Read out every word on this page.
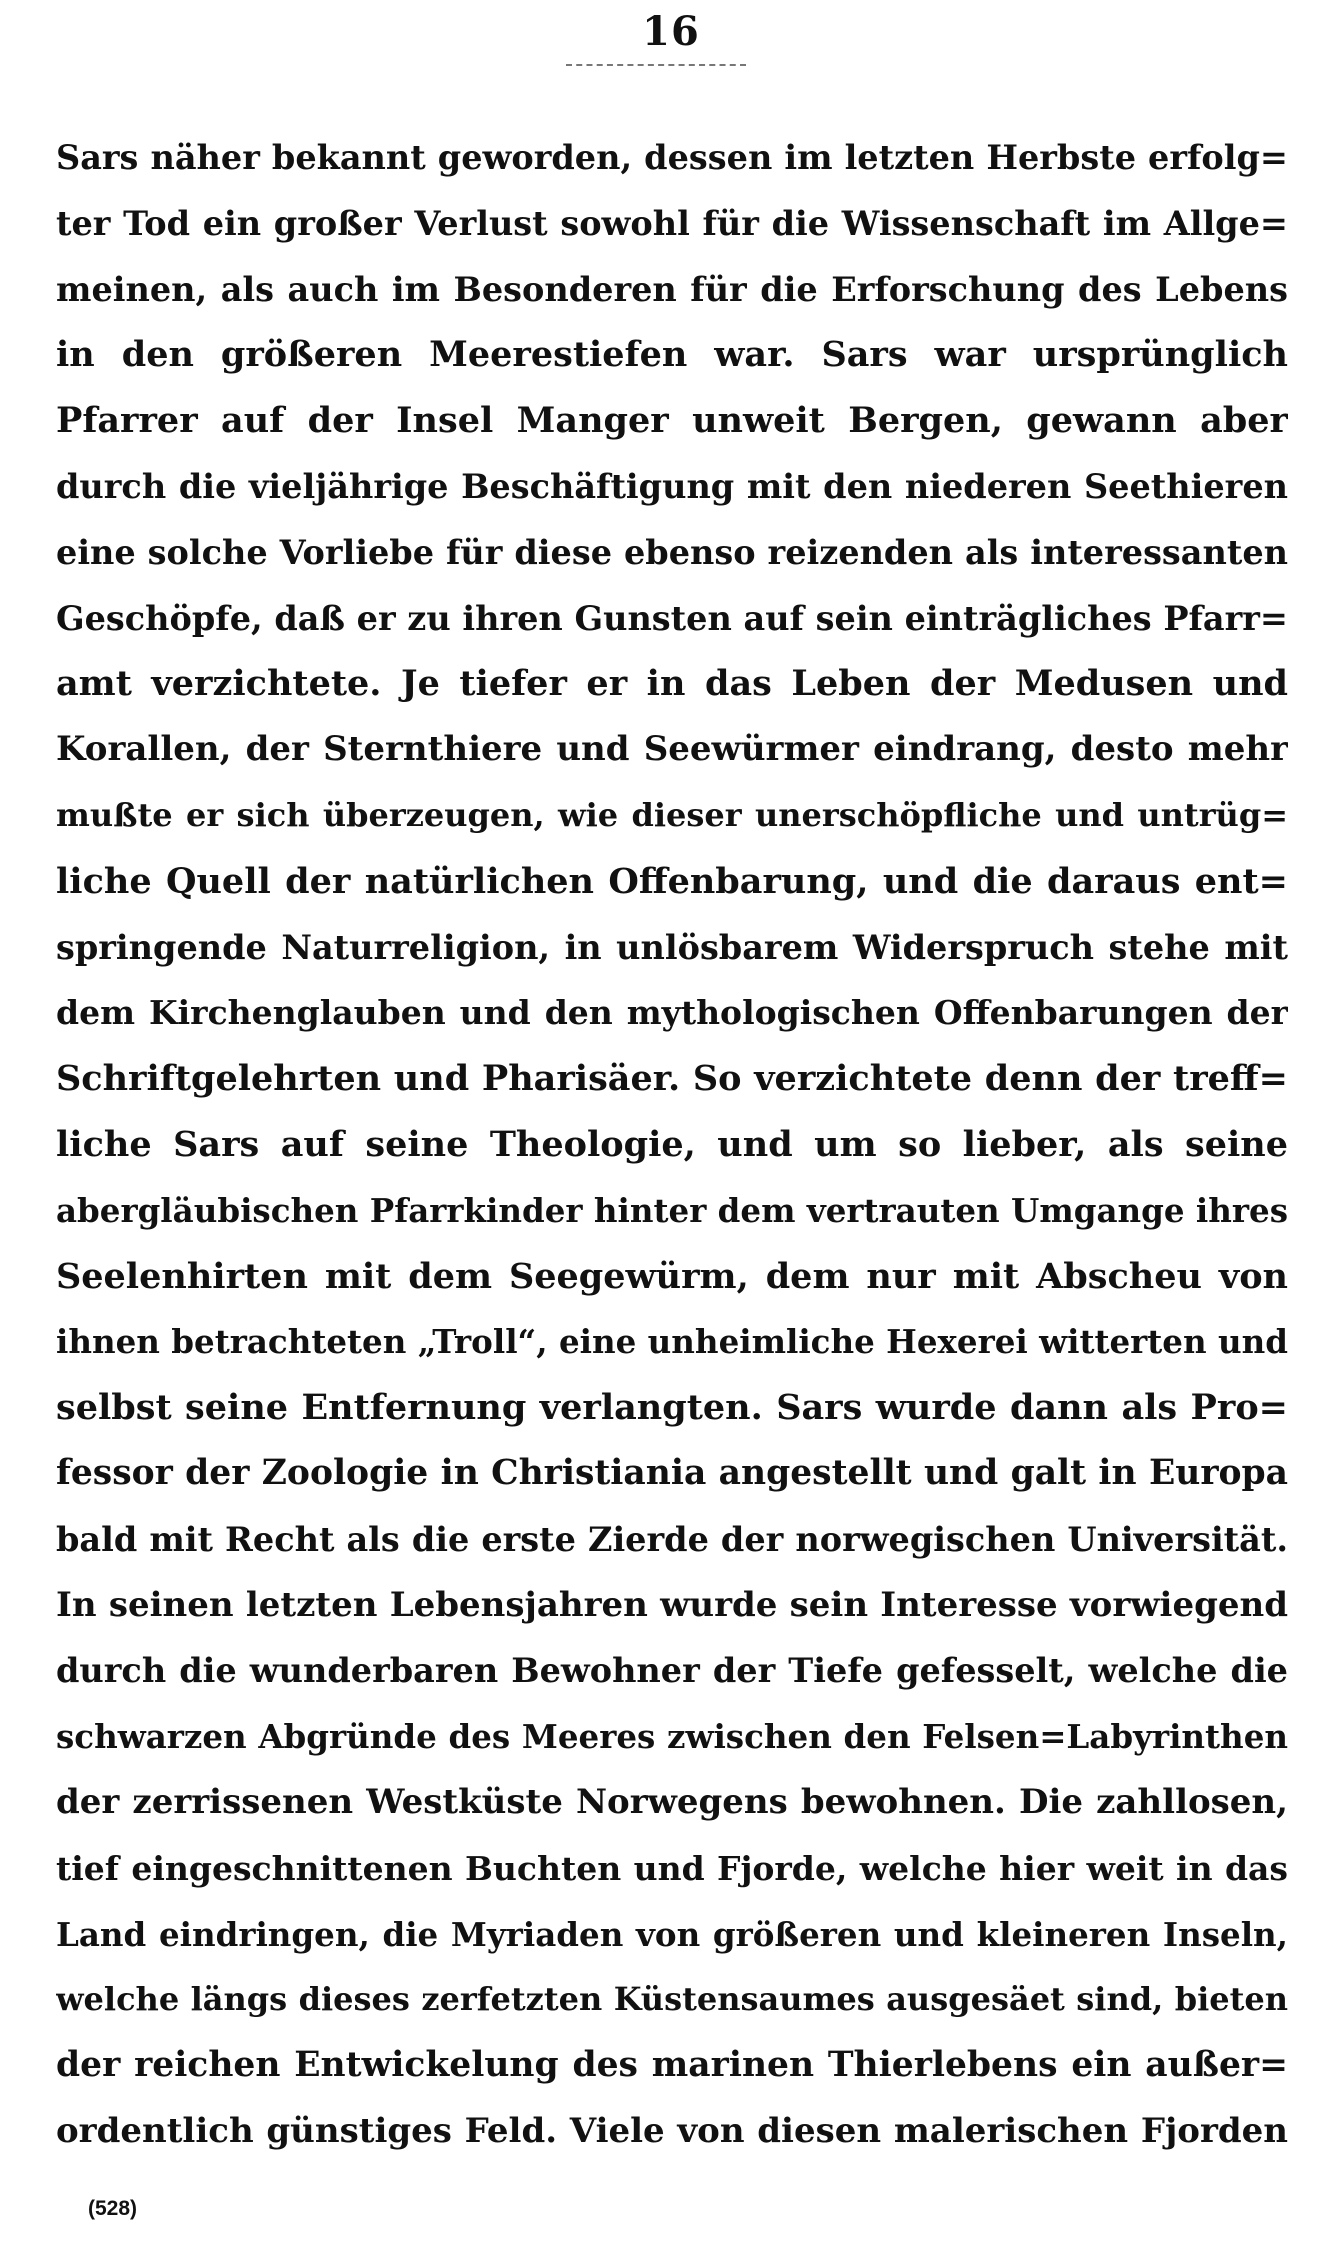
16
Sars näher bekannt geworden, dessen im letzten Herbste erfolg=
ter Tod ein großer Verlust sowohl für die Wissenschaft im Allge=
meinen, als auch im Besonderen für die Erforschung des Lebens
in den größeren Meerestiefen war. Sars war ursprünglich
Pfarrer auf der Insel Manger unweit Bergen, gewann aber
durch die vieljährige Beschäftigung mit den niederen Seethieren
eine solche Vorliebe für diese ebenso reizenden als interessanten
Geschöpfe, daß er zu ihren Gunsten auf sein einträgliches Pfarr=
amt verzichtete. Je tiefer er in das Leben der Medusen und
Korallen, der Sternthiere und Seewürmer eindrang, desto mehr
mußte er sich überzeugen, wie dieser unerschöpfliche und untrüg=
liche Quell der natürlichen Offenbarung, und die daraus ent=
springende Naturreligion, in unlösbarem Widerspruch stehe mit
dem Kirchenglauben und den mythologischen Offenbarungen der
Schriftgelehrten und Pharisäer. So verzichtete denn der treff=
liche Sars auf seine Theologie, und um so lieber, als seine
abergläubischen Pfarrkinder hinter dem vertrauten Umgange ihres
Seelenhirten mit dem Seegewürm, dem nur mit Abscheu von
ihnen betrachteten „Troll“, eine unheimliche Hexerei witterten und
selbst seine Entfernung verlangten. Sars wurde dann als Pro=
fessor der Zoologie in Christiania angestellt und galt in Europa
bald mit Recht als die erste Zierde der norwegischen Universität.
In seinen letzten Lebensjahren wurde sein Interesse vorwiegend
durch die wunderbaren Bewohner der Tiefe gefesselt, welche die
schwarzen Abgründe des Meeres zwischen den Felsen=Labyrinthen
der zerrissenen Westküste Norwegens bewohnen. Die zahllosen,
tief eingeschnittenen Buchten und Fjorde, welche hier weit in das
Land eindringen, die Myriaden von größeren und kleineren Inseln,
welche längs dieses zerfetzten Küstensaumes ausgesäet sind, bieten
der reichen Entwickelung des marinen Thierlebens ein außer=
ordentlich günstiges Feld. Viele von diesen malerischen Fjorden
(528)
